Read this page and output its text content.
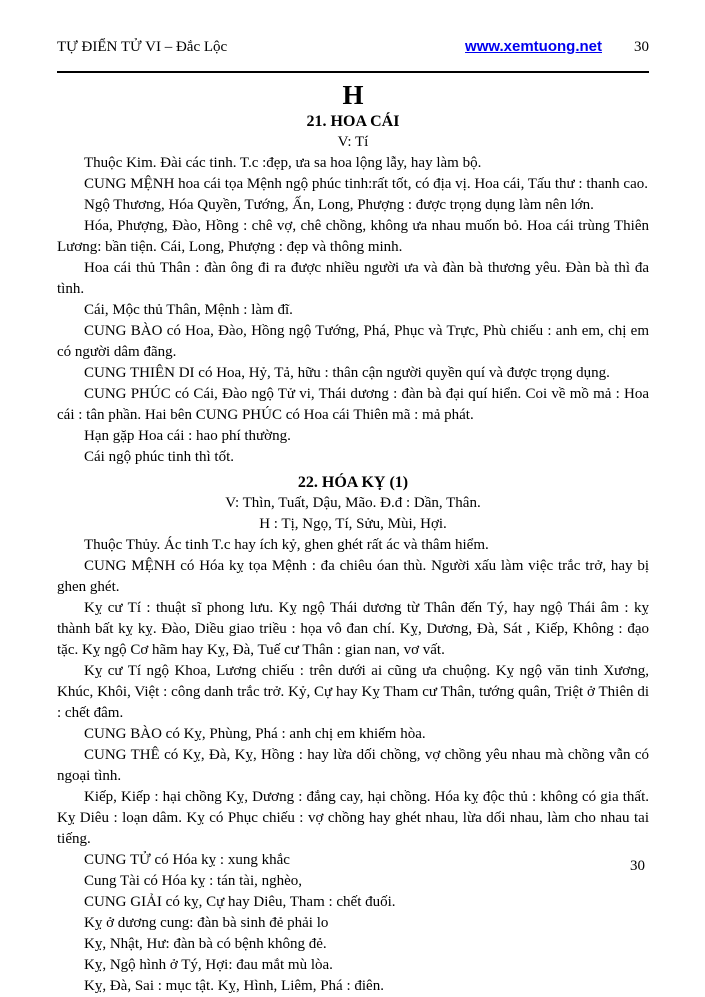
TỰ ĐIỂN TỬ VI – Đắc Lộc	www.xemtuong.net 30
H
21. HOA CÁI

V: Tí

Thuộc Kim. Đài các tinh. T.c :đẹp, ưa sa hoa lộng lẫy, hay làm bộ.

CUNG MỆNH hoa cái tọa Mệnh ngộ phúc tinh:rất tốt, có địa vị. Hoa cái, Tấu thư : thanh cao.

Ngộ Thương, Hóa Quyền, Tướng, Ấn, Long, Phượng : được trọng dụng làm nên lớn.

Hóa, Phượng, Đào, Hồng : chê vợ, chê chồng, không ưa nhau muốn bỏ. Hoa cái trùng Thiên Lương: bần tiện. Cái, Long, Phượng : đẹp và thông minh.

Hoa cái thủ Thân : đàn ông đi ra được nhiều người ưa và đàn bà thương yêu. Đàn bà thì đa tình.

Cái, Mộc thủ Thân, Mệnh : làm đĩ.

CUNG BÀO có Hoa, Đào, Hồng ngộ Tướng, Phá, Phục và Trực, Phù chiếu : anh em, chị em có người dâm đãng.

CUNG THIÊN DI có Hoa, Hỷ, Tả, hữu : thân cận người quyền quí và được trọng dụng.

CUNG PHÚC có Cái, Đào ngộ Tử vi, Thái dương : đàn bà đại quí hiển. Coi về mồ mả : Hoa cái : tân phần. Hai bên CUNG PHÚC có Hoa cái Thiên mã : mả phát.

Hạn gặp Hoa cái : hao phí thường.

Cái ngộ phúc tinh thì tốt.

22. HÓA KỴ (1)

V: Thìn, Tuất, Dậu, Mão. Đ.đ : Dần, Thân.

H : Tị, Ngọ, Tí, Sửu, Mùi, Hợi.

Thuộc Thủy. Ác tinh T.c hay ích kỷ, ghen ghét rất ác và thâm hiểm.

CUNG MỆNH có Hóa kỵ tọa Mệnh : đa chiêu óan thù. Người xấu làm việc trắc trở, hay bị ghen ghét.

Kỵ cư Tí : thuật sĩ phong lưu. Kỵ ngộ Thái dương từ Thân đến Tý, hay ngộ Thái âm : kỵ thành bất kỵ kỵ. Đào, Diều giao triều : họa vô đan chí. Kỵ, Dương, Đà, Sát , Kiếp, Không : đạo tặc. Kỵ ngộ Cơ hãm hay Kỵ, Đà, Tuế cư Thân : gian nan, vơ vất.

Kỵ cư Tí ngộ Khoa, Lương chiếu : trên dưới ai cũng ưa chuộng. Kỵ ngộ văn tinh Xương, Khúc, Khôi, Việt : công danh trắc trở. Kỷ, Cự hay Kỵ Tham cư Thân, tướng quân, Triệt ở Thiên di : chết đâm.

CUNG BÀO có Kỵ, Phùng, Phá : anh chị em khiếm hòa.

CUNG THÊ có Kỵ, Đà, Kỵ, Hồng : hay lừa dối chồng, vợ chồng yêu nhau mà chồng vẫn có ngoại tình.

Kiếp, Kiếp : hại chồng Kỵ, Dương : đắng cay, hại chồng. Hóa kỵ độc thủ : không có gia thất. Kỵ Diêu : loạn dâm. Kỵ có Phục chiếu : vợ chồng hay ghét nhau, lừa dối nhau, làm cho nhau tai tiếng.

CUNG TỬ có Hóa kỵ : xung khắc

Cung Tài có Hóa kỵ : tán tài, nghèo,

CUNG GIẢI có kỵ, Cự hay Diêu, Tham : chết đuối.

Kỵ ở dương cung: đàn bà sinh đẻ phải lo

Kỵ, Nhật, Hư: đàn bà có bệnh không đẻ.

Kỵ, Ngộ hình ở Tý, Hợi: đau mắt mù lòa.

Kỵ, Đà, Sai : mục tật. Kỵ, Hình, Liêm, Phá : điên.

30
